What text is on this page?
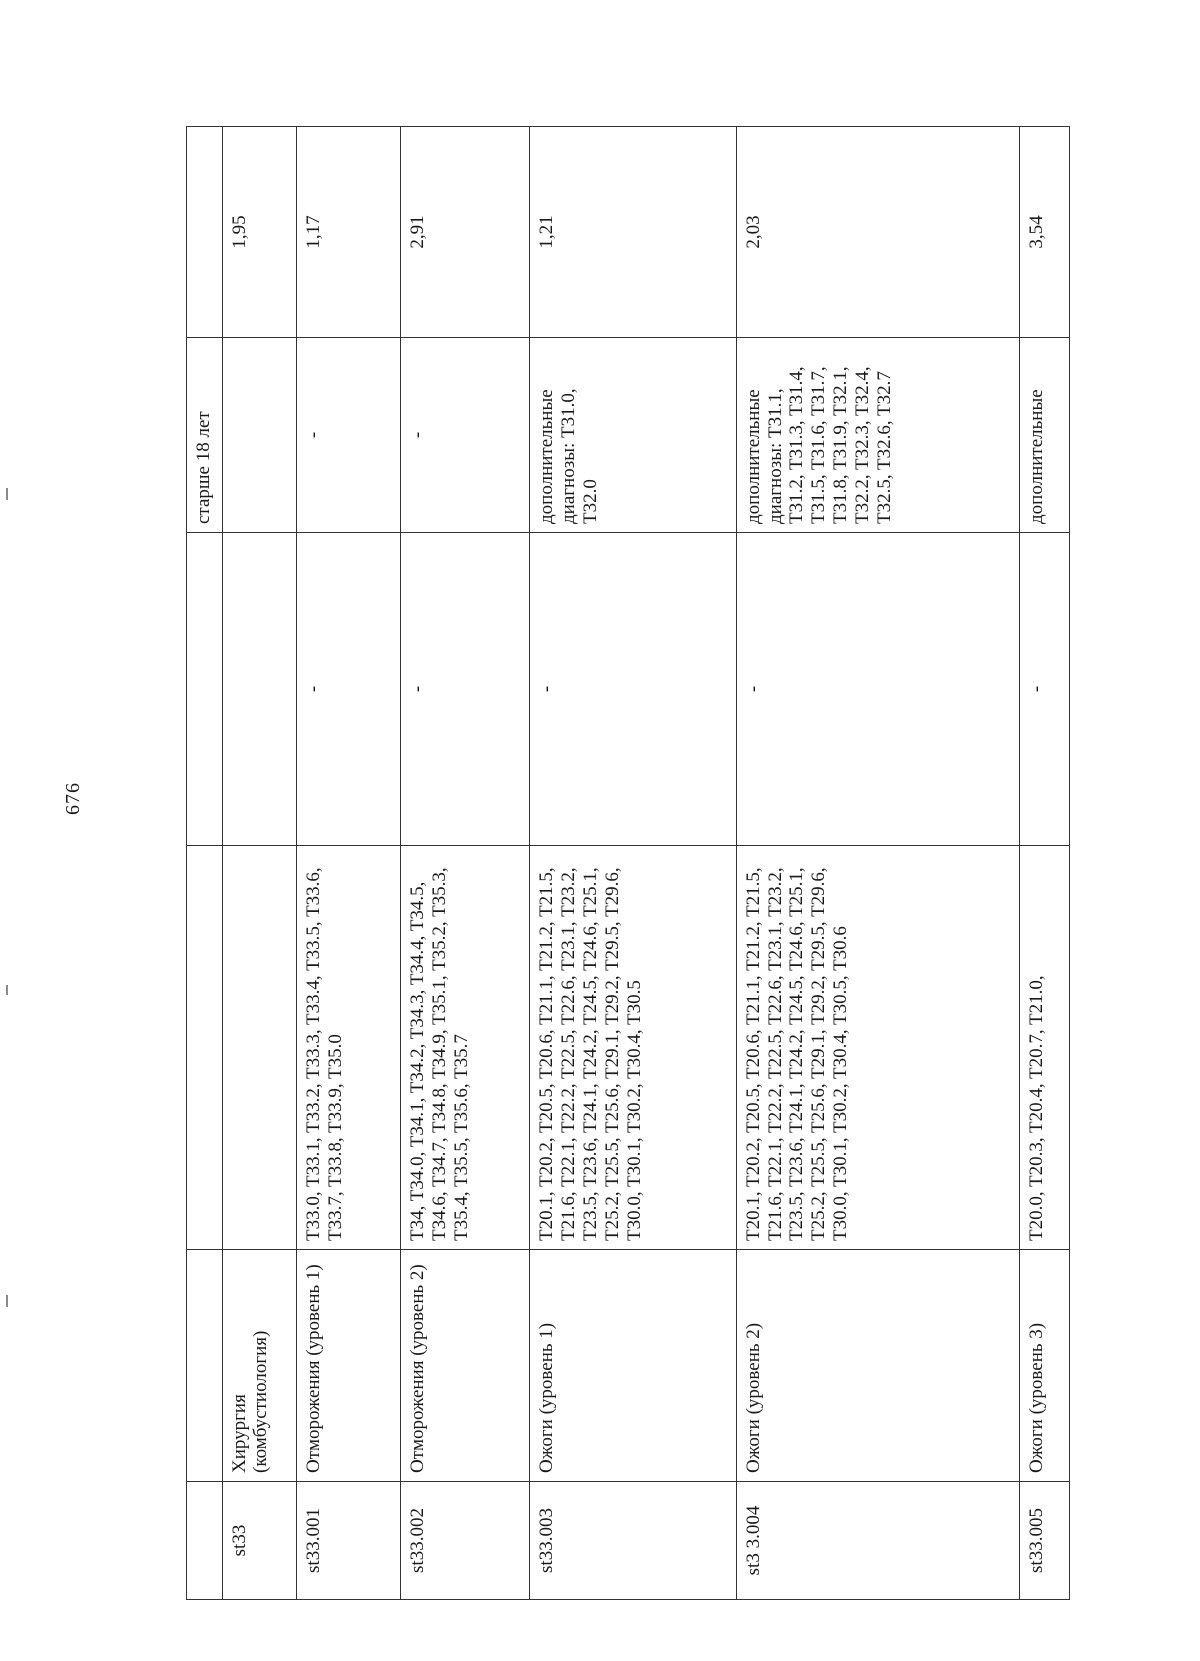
676
				старше 18 лет	
st33	Хирургия (комбустиология)				1,95
st33.001	Отморожения (уровень 1)	T33.0, T33.1, T33.2, T33.3, T33.4, T33.5, T33.6, T33.7, T33.8, T33.9, T35.0	-	-	1,17
st33.002	Отморожения (уровень 2)	T34, T34.0, T34.1, T34.2, T34.3, T34.4, T34.5, T34.6, T34.7, T34.8, T34.9, T35.1, T35.2, T35.3, T35.4, T35.5, T35.6, T35.7	-	-	2,91
st33.003	Ожоги (уровень 1)	T20.1, T20.2, T20.5, T20.6, T21.1, T21.2, T21.5, T21.6, T22.1, T22.2, T22.5, T22.6, T23.1, T23.2, T23.5, T23.6, T24.1, T24.2, T24.5, T24.6, T25.1, T25.2, T25.5, T25.6, T29.1, T29.2, T29.5, T29.6, T30.0, T30.1, T30.2, T30.4, T30.5	-	дополнительные диагнозы: T31.0, T32.0	1,21
st3 3.004	Ожоги (уровень 2)	T20.1, T20.2, T20.5, T20.6, T21.1, T21.2, T21.5, T21.6, T22.1, T22.2, T22.5, T22.6, T23.1, T23.2, T23.5, T23.6, T24.1, T24.2, T24.5, T24.6, T25.1, T25.2, T25.5, T25.6, T29.1, T29.2, T29.5, T29.6, T30.0, T30.1, T30.2, T30.4, T30.5, T30.6	-	дополнительные диагнозы: T31.1, T31.2, T31.3, T31.4, T31.5, T31.6, T31.7, T31.8, T31.9, T32.1, T32.2, T32.3, T32.4, T32.5, T32.6, T32.7	2,03
st33.005	Ожоги (уровень 3)	T20.0, T20.3, T20.4, T20.7, T21.0,	-	дополнительные	3,54
